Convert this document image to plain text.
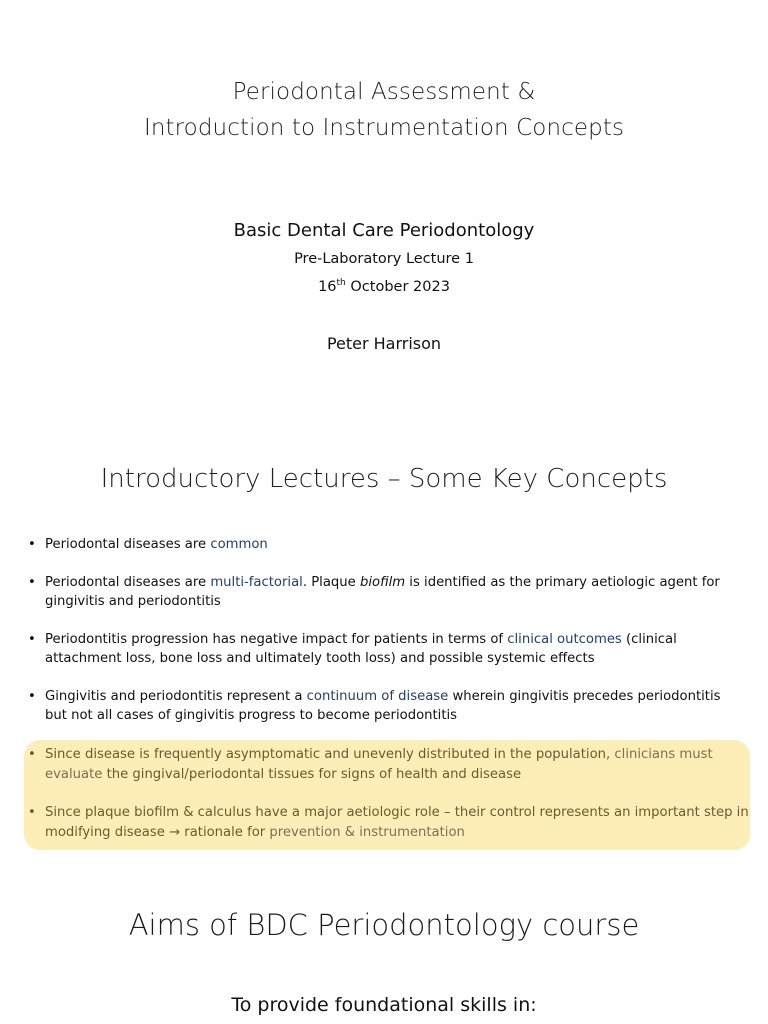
Periodontal Assessment &
Introduction to Instrumentation Concepts
Basic Dental Care Periodontology
Pre-Laboratory Lecture 1
16th October 2023
Peter Harrison
Introductory Lectures – Some Key Concepts
• Periodontal diseases are common
• Periodontal diseases are multi-factorial. Plaque biofilm is identified as the primary aetiologic agent for gingivitis and periodontitis
• Periodontitis progression has negative impact for patients in terms of clinical outcomes (clinical attachment loss, bone loss and ultimately tooth loss) and possible systemic effects
• Gingivitis and periodontitis represent a continuum of disease wherein gingivitis precedes periodontitis but not all cases of gingivitis progress to become periodontitis
• Since disease is frequently asymptomatic and unevenly distributed in the population, clinicians must evaluate the gingival/periodontal tissues for signs of health and disease
• Since plaque biofilm & calculus have a major aetiologic role – their control represents an important step in modifying disease → rationale for prevention & instrumentation
Aims of BDC Periodontology course
To provide foundational skills in:
